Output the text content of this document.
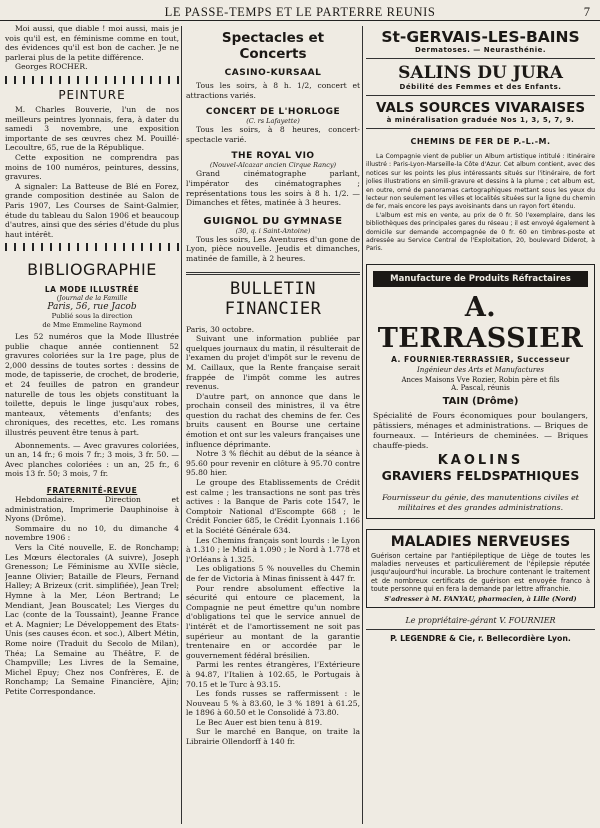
LE PASSE-TEMPS ET LE PARTERRE REUNIS	7

Moi aussi, que diable ! moi aussi, mais je vois qu'il est, en féminisme comme en tout, des évidences qu'il est bon de cacher. Je ne parlerai plus de la petite différence.

Georges ROCHER.

PEINTURE

M. Charles Bouverie, l'un de nos meilleurs peintres lyonnais, fera, à dater du samedi 3 novembre, une exposition importante de ses œuvres chez M. Pouillé-Lecoultre, 65, rue de la République.

Cette exposition ne comprendra pas moins de 100 numéros, peintures, dessins, gravures.

A signaler: La Batteuse de Blé en Forez, grande composition destinée au Salon de Paris 1907, Les Courses de Saint-Galmier, étude du tableau du Salon 1906 et beaucoup d'autres, ainsi que des séries d'étude du plus haut intérêt.

BIBLIOGRAPHIE
LA MODE ILLUSTRÉE
(Journal de la Famille
Paris, 56, rue Jacob
Publié sous la direction
de Mme Emmeline Raymond

Les 52 numéros que la Mode Illustrée publie chaque année contiennent 52 gravures coloriées sur la 1re page, plus de 2,000 dessins de toutes sortes : dessins de mode, de tapisserie, de crochet, de broderie, et 24 feuilles de patron en grandeur naturelle de tous les objets constituant la toilette, depuis le linge jusqu'aux robes, manteaux, vêtements d'enfants; des chroniques, des recettes, etc. Les romans illustrés peuvent être tenus à part.

Abonnements. — Avec gravures coloriées, un an, 14 fr.; 6 mois 7 fr.; 3 mois, 3 fr. 50. — Avec planches coloriées : un an, 25 fr., 6 mois 13 fr. 50; 3 mois, 7 fr.

FRATERNITÉ-REVUE

Hebdomadaire. Direction et administration, Imprimerie Dauphinoise à Nyons (Drôme).

Sommaire du no 10, du dimanche 4 novembre 1906 :

Vers la Cité nouvelle, E. de Ronchamp; Les Mœurs électorales (A suivre), Joseph Grenesson; Le Féminisme au XVIIe siècle, Jeanne Olivier; Bataille de Fleurs, Fernand Halley; A Brizeux (crit. simplifiée), Jean Trel; Hymne à la Mer, Léon Bertrand; Le Mendiant, Jean Bouscatel; Les Vierges du Lac (conte de la Toussaint), Jeanne France et A. Magnier; Le Développement des Etats-Unis (ses causes écon. et soc.), Albert Métin, Rome noire (Traduit du Secolo de Milan), Théa; La Semaine au Théâtre, F. de Champville; Les Livres de la Semaine, Michel Epuy; Chez nos Confrères, E. de Ronchamp; La Semaine Financière, Ajin; Petite Correspondance.

Spectacles et Concerts
CASINO-KURSAAL

Tous les soirs, à 8 h. 1/2, concert et attractions variés.

CONCERT DE L'HORLOGE
(C. rs Lafayette)

Tous les soirs, à 8 heures, concert-spectacle varié.

THE ROYAL VIO
(Nouvel-Alcazar ancien Cirque Rancy)

Grand cinématographe parlant, l'impérator des cinématographes ; représentations tous les soirs à 8 h. 1/2. — Dimanches et fêtes, matinée à 3 heures.

GUIGNOL DU GYMNASE
(30, q. i Saint-Antoine)

Tous les soirs, Les Aventures d'un gone de Lyon, pièce nouvelle. Jeudis et dimanches, matinée de famille, à 2 heures.

BULLETIN FINANCIER

Paris, 30 octobre.

Suivant une information publiée par quelques journaux du matin, il résulterait de l'examen du projet d'impôt sur le revenu de M. Caillaux, que la Rente française serait frappée de l'impôt comme les autres revenus.

D'autre part, on annonce que dans le prochain conseil des ministres, il va être question du rachat des chemins de fer. Ces bruits causent en Bourse une certaine émotion et ont sur les valeurs françaises une influence déprimante.

Notre 3 % fléchit au début de la séance à 95.60 pour revenir en clôture à 95.70 contre 95.80 hier.

Le groupe des Etablissements de Crédit est calme ; les transactions ne sont pas très actives : la Banque de Paris cote 1547, le Comptoir National d'Escompte 668 ; le Crédit Foncier 685, le Crédit Lyonnais 1.166 et la Société Générale 634.

Les Chemins français sont lourds : le Lyon à 1.310 ; le Midi à 1.090 ; le Nord à 1.778 et l'Orléans à 1.325.

Les obligations 5 % nouvelles du Chemin de fer de Victoria à Minas finissent à 447 fr.

Pour rendre absolument effective la sécurité qui entoure ce placement, la Compagnie ne peut émettre qu'un nombre d'obligations tel que le service annuel de l'intérêt et de l'amortissement ne soit pas supérieur au montant de la garantie trentenaire en or accordée par le gouvernement fédéral brésilien.

Parmi les rentes étrangères, l'Extérieure à 94.87, l'Italien à 102.65, le Portugais à 70.15 et le Turc à 93.15.

Les fonds russes se raffermissent : le Nouveau 5 % à 83.60, le 3 % 1891 à 61.25, le 1896 à 60.50 et le Consolidé à 73.80.

Le Bec Auer est bien tenu à 819.

Sur le marché en Banque, on traite la Librairie Ollendorff à 140 fr.

St-GERVAIS-LES-BAINS
Dermatoses. — Neurasthénie.
SALINS DU JURA
Débilité des Femmes et des Enfants.
VALS SOURCES VIVARAISES
à minéralisation graduée Nos 1, 3, 5, 7, 9.
CHEMINS DE FER DE P.-L.-M.

La Compagnie vient de publier un Album artistique intitulé : Itinéraire illustré : Paris-Lyon-Marseille-la Côte d'Azur. Cet album contient, avec des notices sur les points les plus intéressants situés sur l'itinéraire, de fort jolies illustrations en simili-gravure et dessins à la plume ; cet album est, en outre, orné de panoramas cartographiques mettant sous les yeux du lecteur non seulement les villes et localités situées sur la ligne du chemin de fer, mais encore les pays avoisinants dans un rayon fort étendu.

L'album est mis en vente, au prix de 0 fr. 50 l'exemplaire, dans les bibliothèques des principales gares du réseau ; il est envoyé également à domicile sur demande accompagnée de 0 fr. 60 en timbres-poste et adressée au Service Central de l'Exploitation, 20, boulevard Diderot, à Paris.

Manufacture de Produits Réfractaires
A. TERRASSIER
A. FOURNIER-TERRASSIER, Successeur
Ingénieur des Arts et Manufactures
Ances Maisons Vve Rozier, Robin père et fils
A. Pascal, réunis
TAIN (Drôme)

Spécialité de Fours économiques pour boulangers, pâtissiers, ménages et administrations. — Briques de fourneaux. — Intérieurs de cheminées. — Briques chauffe-pieds.

KAOLINS
GRAVIERS FELDSPATHIQUES

Fournisseur du génie, des manutentions civiles et militaires et des grandes administrations.

MALADIES NERVEUSES

Guérison certaine par l'antiépileptique de Liège de toutes les maladies nerveuses et particulièrement de l'épilepsie réputée jusqu'aujourd'hui incurable. La brochure contenant le traitement et de nombreux certificats de guérison est envoyée franco à toute personne qui en fera la demande par lettre affranchie.

S'adresser à M. FANYAU, pharmacien, à Lille (Nord)
Le propriétaire-gérant V. FOURNIER
P. LEGENDRE & Cie, r. Bellecordière Lyon.
